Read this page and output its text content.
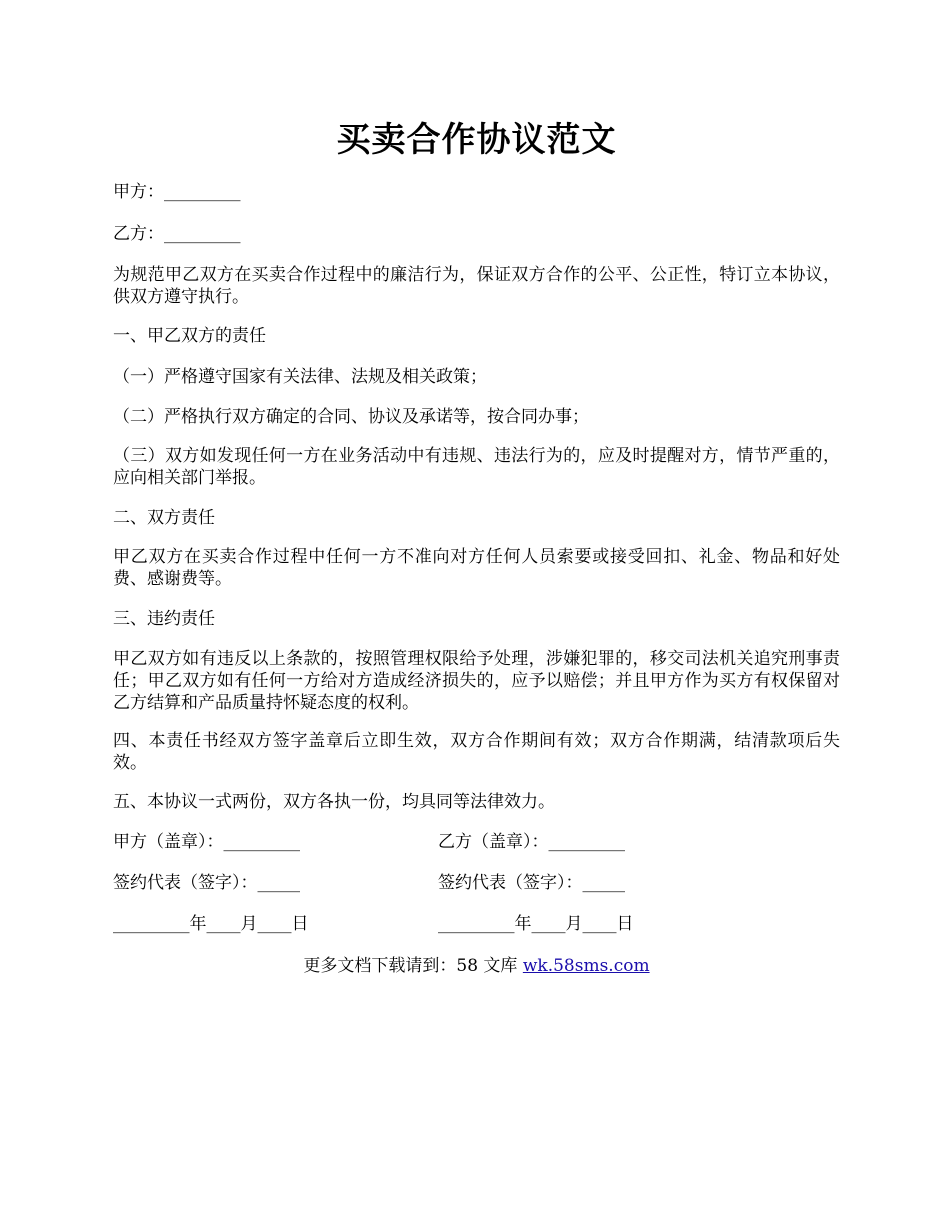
买卖合作协议范文

甲方：_________

乙方：_________

为规范甲乙双方在买卖合作过程中的廉洁行为，保证双方合作的公平、公正性，特订立本协议，供双方遵守执行。

一、甲乙双方的责任

（一）严格遵守国家有关法律、法规及相关政策；

（二）严格执行双方确定的合同、协议及承诺等，按合同办事；

（三）双方如发现任何一方在业务活动中有违规、违法行为的，应及时提醒对方，情节严重的，应向相关部门举报。

二、双方责任

甲乙双方在买卖合作过程中任何一方不准向对方任何人员索要或接受回扣、礼金、物品和好处费、感谢费等。

三、违约责任

甲乙双方如有违反以上条款的，按照管理权限给予处理，涉嫌犯罪的，移交司法机关追究刑事责任；甲乙双方如有任何一方给对方造成经济损失的，应予以赔偿；并且甲方作为买方有权保留对乙方结算和产品质量持怀疑态度的权利。

四、本责任书经双方签字盖章后立即生效，双方合作期间有效；双方合作期满，结清款项后失效。

五、本协议一式两份，双方各执一份，均具同等法律效力。

甲方（盖章）：_________	乙方（盖章）：_________
签约代表（签字）：_____	签约代表（签字）：_____
_________年____月____日	_________年____月____日
更多文档下载请到：58 文库 wk.58sms.com
